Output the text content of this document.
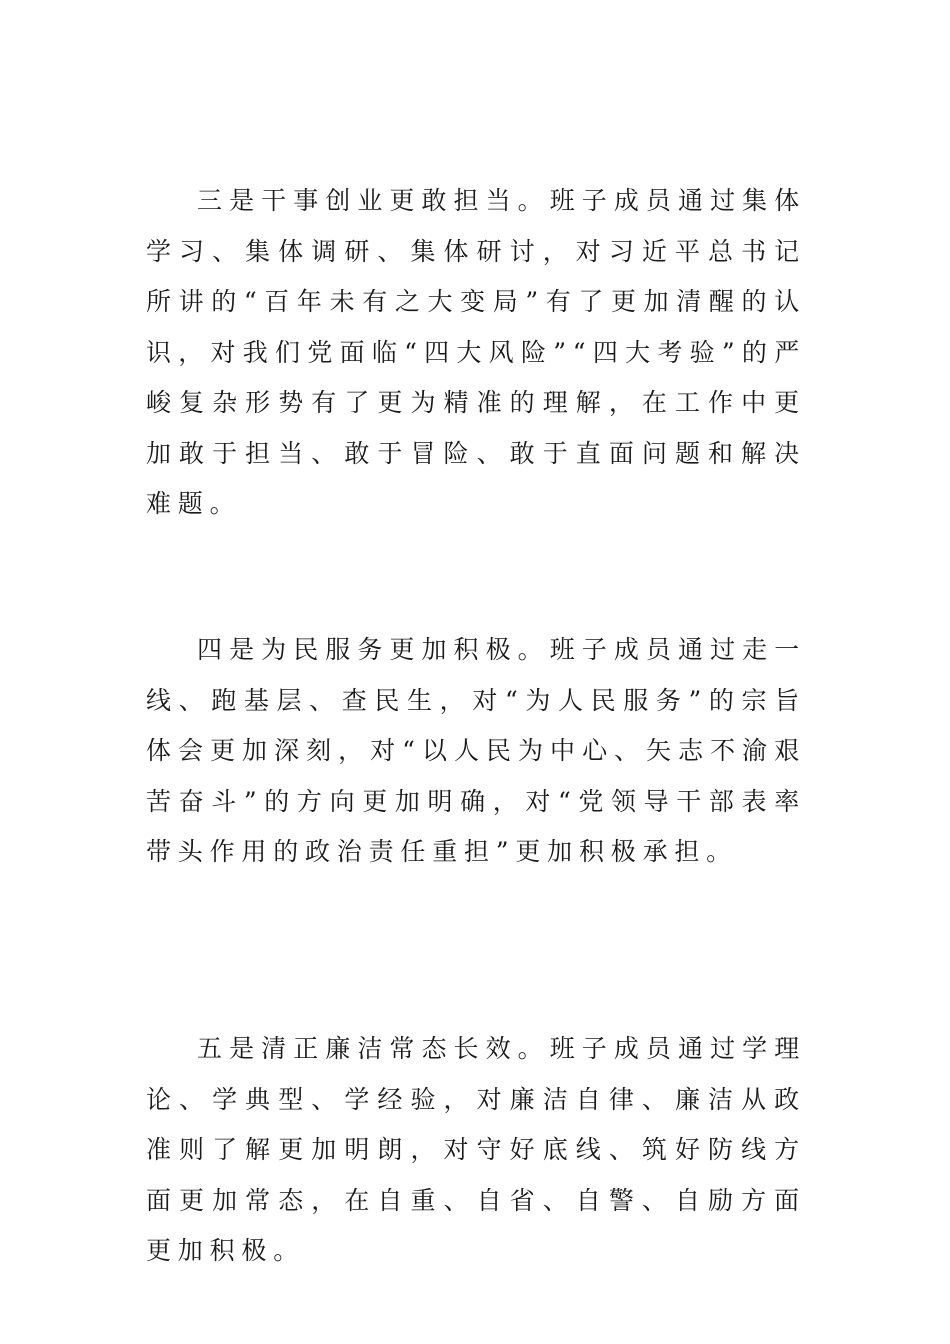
三是干事创业更敢担当。班子成员通过集体学习、集体调研、集体研讨，对习近平总书记所讲的“百年未有之大变局”有了更加清醒的认识，对我们党面临“四大风险”“四大考验”的严峻复杂形势有了更为精准的理解，在工作中更加敢于担当、敢于冒险、敢于直面问题和解决难题。

四是为民服务更加积极。班子成员通过走一线、跑基层、查民生，对“为人民服务”的宗旨体会更加深刻，对“以人民为中心、矢志不渝艰苦奋斗”的方向更加明确，对“党领导干部表率带头作用的政治责任重担”更加积极承担。

五是清正廉洁常态长效。班子成员通过学理论、学典型、学经验，对廉洁自律、廉洁从政准则了解更加明朗，对守好底线、筑好防线方面更加常态，在自重、自省、自警、自励方面更加积极。
